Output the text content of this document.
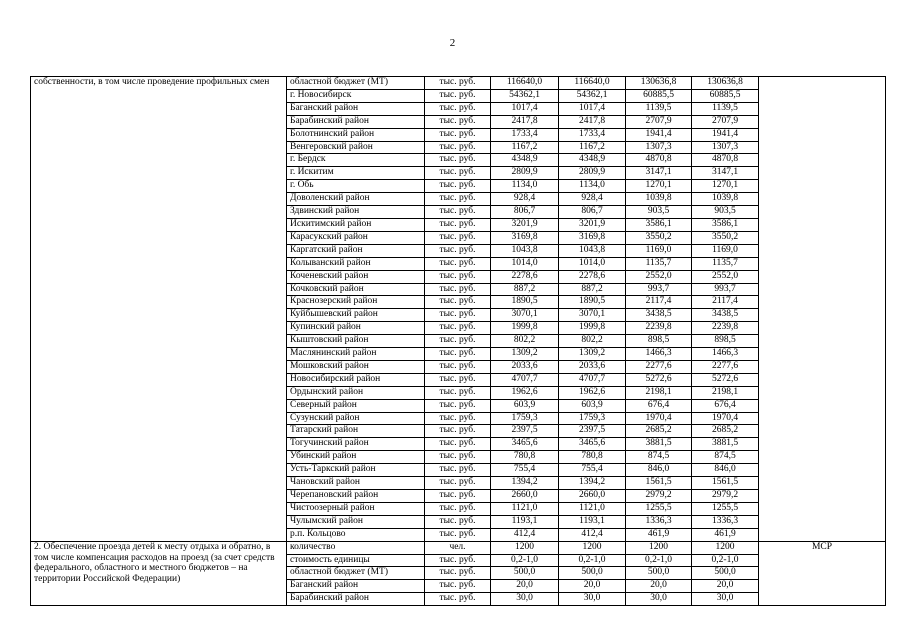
2
собственности, в том числе проведение профильных смен	областной бюджет (МТ)	тыс. руб.	116640,0	116640,0	130636,8	130636,8	
	г. Новосибирск	тыс. руб.	54362,1	54362,1	60885,5	60885,5	
	Баганский район	тыс. руб.	1017,4	1017,4	1139,5	1139,5	
	Барабинский район	тыс. руб.	2417,8	2417,8	2707,9	2707,9	
	Болотнинский район	тыс. руб.	1733,4	1733,4	1941,4	1941,4	
	Венгеровский район	тыс. руб.	1167,2	1167,2	1307,3	1307,3	
	г. Бердск	тыс. руб.	4348,9	4348,9	4870,8	4870,8	
	г. Искитим	тыс. руб.	2809,9	2809,9	3147,1	3147,1	
	г. Обь	тыс. руб.	1134,0	1134,0	1270,1	1270,1	
	Доволенский район	тыс. руб.	928,4	928,4	1039,8	1039,8	
	Здвинский район	тыс. руб.	806,7	806,7	903,5	903,5	
	Искитимский район	тыс. руб.	3201,9	3201,9	3586,1	3586,1	
	Карасукский район	тыс. руб.	3169,8	3169,8	3550,2	3550,2	
	Каргатский район	тыс. руб.	1043,8	1043,8	1169,0	1169,0	
	Колыванский район	тыс. руб.	1014,0	1014,0	1135,7	1135,7	
	Коченевский район	тыс. руб.	2278,6	2278,6	2552,0	2552,0	
	Кочковский район	тыс. руб.	887,2	887,2	993,7	993,7	
	Краснозерский район	тыс. руб.	1890,5	1890,5	2117,4	2117,4	
	Куйбышевский район	тыс. руб.	3070,1	3070,1	3438,5	3438,5	
	Купинский район	тыс. руб.	1999,8	1999,8	2239,8	2239,8	
	Кыштовский район	тыс. руб.	802,2	802,2	898,5	898,5	
	Маслянинский район	тыс. руб.	1309,2	1309,2	1466,3	1466,3	
	Мошковский район	тыс. руб.	2033,6	2033,6	2277,6	2277,6	
	Новосибирский район	тыс. руб.	4707,7	4707,7	5272,6	5272,6	
	Ордынский район	тыс. руб.	1962,6	1962,6	2198,1	2198,1	
	Северный район	тыс. руб.	603,9	603,9	676,4	676,4	
	Сузунский район	тыс. руб.	1759,3	1759,3	1970,4	1970,4	
	Татарский район	тыс. руб.	2397,5	2397,5	2685,2	2685,2	
	Тогучинский район	тыс. руб.	3465,6	3465,6	3881,5	3881,5	
	Убинский район	тыс. руб.	780,8	780,8	874,5	874,5	
	Усть-Таркский район	тыс. руб.	755,4	755,4	846,0	846,0	
	Чановский район	тыс. руб.	1394,2	1394,2	1561,5	1561,5	
	Черепановский район	тыс. руб.	2660,0	2660,0	2979,2	2979,2	
	Чистоозерный район	тыс. руб.	1121,0	1121,0	1255,5	1255,5	
	Чулымский район	тыс. руб.	1193,1	1193,1	1336,3	1336,3	
	р.п. Кольцово	тыс. руб.	412,4	412,4	461,9	461,9	
2. Обеспечение проезда детей к месту отдыха и обратно, в том числе компенсация расходов на проезд (за счет средств федерального, областного и местного бюджетов – на территории Российской Федерации)	количество	чел.	1200	1200	1200	1200	МСР
	стоимость единицы	тыс. руб.	0,2-1,0	0,2-1,0	0,2-1,0	0,2-1,0	
	областной бюджет (МТ)	тыс. руб.	500,0	500,0	500,0	500,0	
	Баганский район	тыс. руб.	20,0	20,0	20,0	20,0	
	Барабинский район	тыс. руб.	30,0	30,0	30,0	30,0	
